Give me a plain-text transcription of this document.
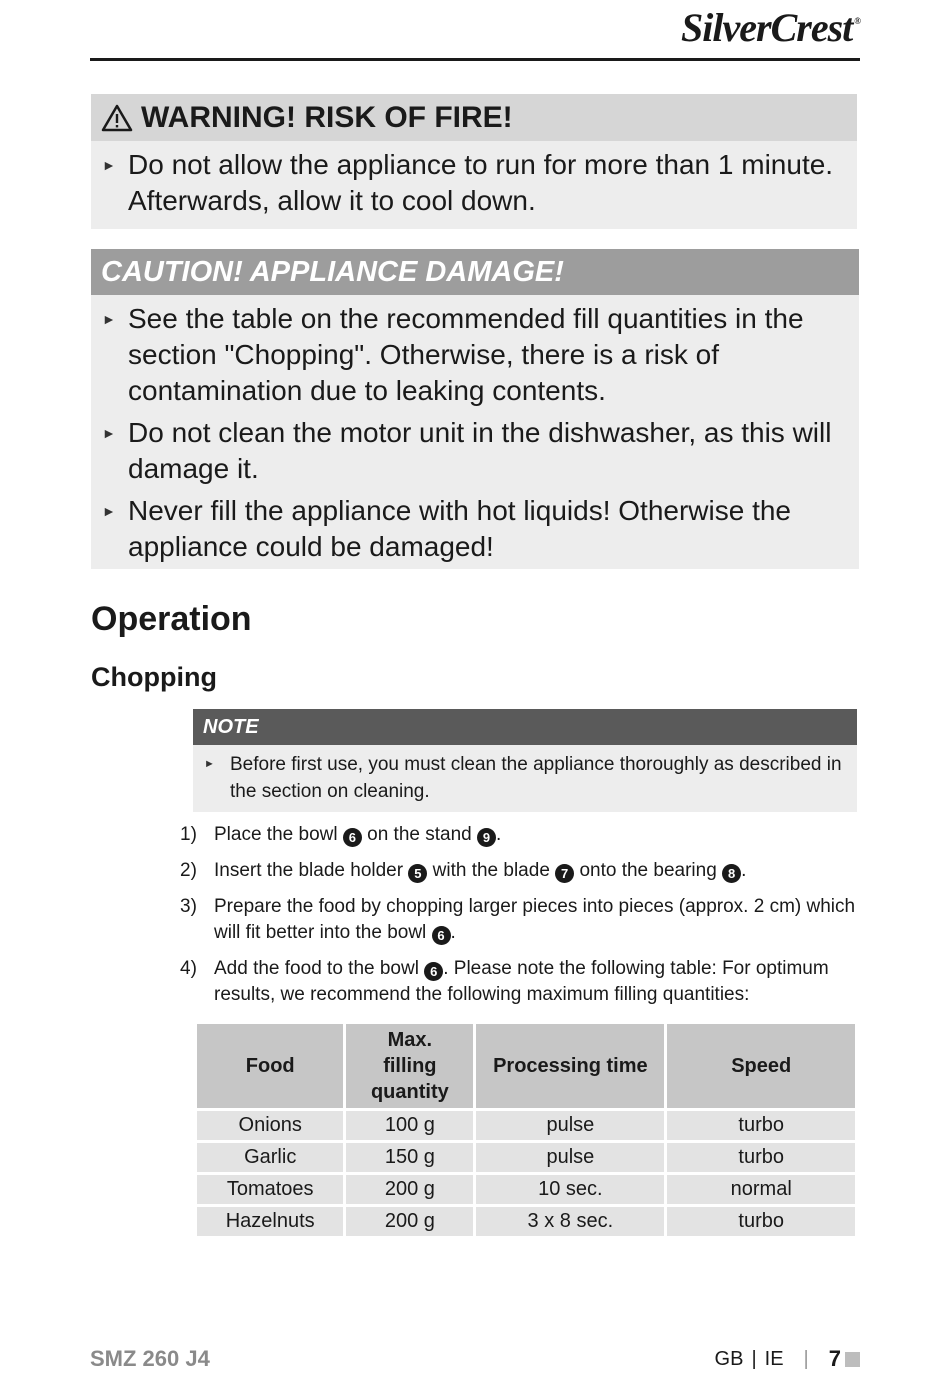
SilverCrest ®
WARNING! RISK OF FIRE!
► Do not allow the appliance to run for more than 1 minute. Afterwards, allow it to cool down.
CAUTION! APPLIANCE DAMAGE!
► See the table on the recommended fill quantities in the section "Chopping". Otherwise, there is a risk of contamination due to leaking contents.
► Do not clean the motor unit in the dishwasher, as this will damage it.
► Never fill the appliance with hot liquids! Otherwise the appliance could be damaged!
Operation
Chopping
NOTE
► Before first use, you must clean the appliance thoroughly as described in the section on cleaning.
1) Place the bowl 6 on the stand 9 .
2) Insert the blade holder 5 with the blade 7 onto the bearing 8 .
3) Prepare the food by chopping larger pieces into pieces (approx. 2 cm) which will fit better into the bowl 6 .
4) Add the food to the bowl 6 . Please note the following table: For optimum results, we recommend the following maximum filling quantities:
Food	Max. filling quantity	Processing time	Speed
Onions	100 g	pulse	turbo
Garlic	150 g	pulse	turbo
Tomatoes	200 g	10 sec.	normal
Hazelnuts	200 g	3 x 8 sec.	turbo
SMZ 260 J4	GB | IE | 7
